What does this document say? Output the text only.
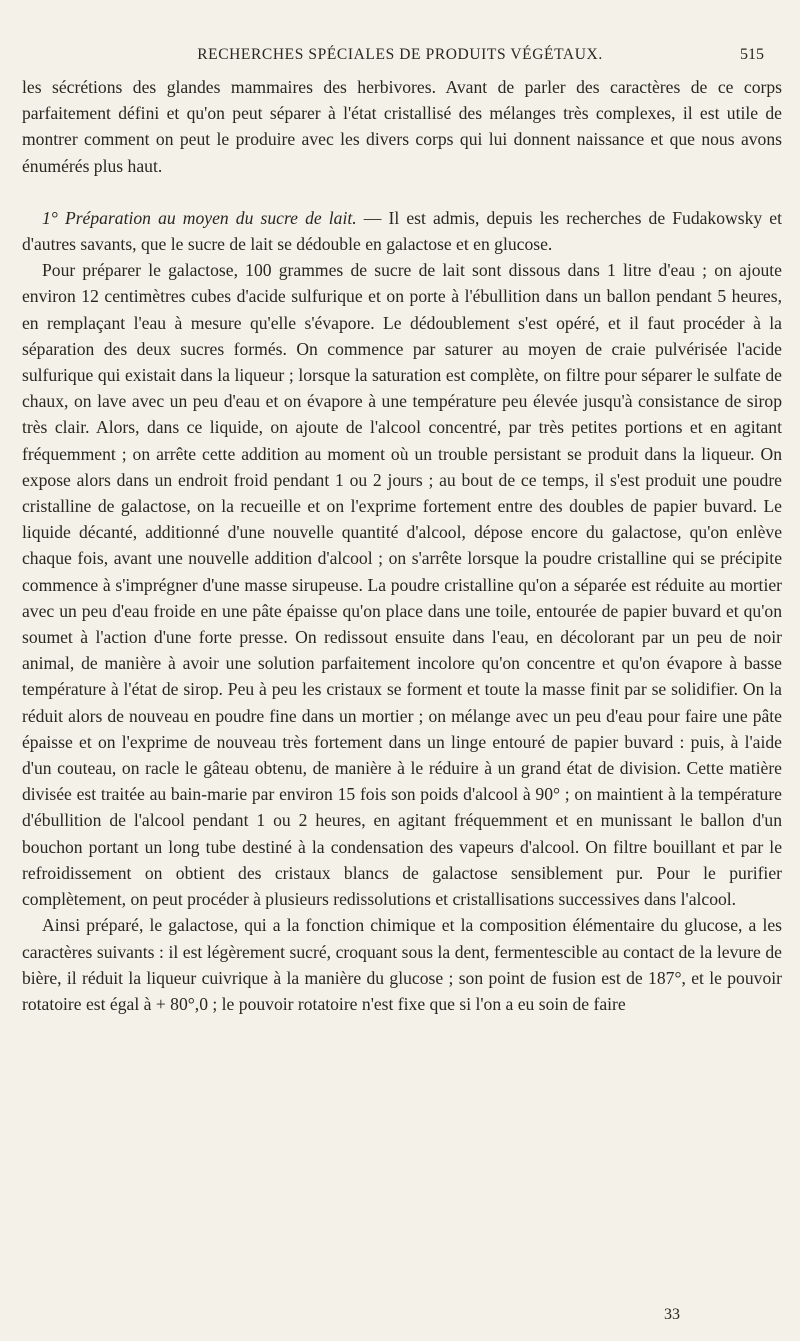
RECHERCHES SPÉCIALES DE PRODUITS VÉGÉTAUX.	515

les sécrétions des glandes mammaires des herbivores. Avant de parler des caractères de ce corps parfaitement défini et qu'on peut séparer à l'état cristallisé des mélanges très complexes, il est utile de montrer comment on peut le produire avec les divers corps qui lui donnent naissance et que nous avons énumérés plus haut.

1° Préparation au moyen du sucre de lait. — Il est admis, depuis les recherches de Fudakowsky et d'autres savants, que le sucre de lait se dédouble en galactose et en glucose.

Pour préparer le galactose, 100 grammes de sucre de lait sont dissous dans 1 litre d'eau ; on ajoute environ 12 centimètres cubes d'acide sulfurique et on porte à l'ébullition dans un ballon pendant 5 heures, en remplaçant l'eau à mesure qu'elle s'évapore. Le dédoublement s'est opéré, et il faut procéder à la séparation des deux sucres formés. On commence par saturer au moyen de craie pulvérisée l'acide sulfurique qui existait dans la liqueur ; lorsque la saturation est complète, on filtre pour séparer le sulfate de chaux, on lave avec un peu d'eau et on évapore à une température peu élevée jusqu'à consistance de sirop très clair. Alors, dans ce liquide, on ajoute de l'alcool concentré, par très petites portions et en agitant fréquemment ; on arrête cette addition au moment où un trouble persistant se produit dans la liqueur. On expose alors dans un endroit froid pendant 1 ou 2 jours ; au bout de ce temps, il s'est produit une poudre cristalline de galactose, on la recueille et on l'exprime fortement entre des doubles de papier buvard. Le liquide décanté, additionné d'une nouvelle quantité d'alcool, dépose encore du galactose, qu'on enlève chaque fois, avant une nouvelle addition d'alcool ; on s'arrête lorsque la poudre cristalline qui se précipite commence à s'imprégner d'une masse sirupeuse. La poudre cristalline qu'on a séparée est réduite au mortier avec un peu d'eau froide en une pâte épaisse qu'on place dans une toile, entourée de papier buvard et qu'on soumet à l'action d'une forte presse. On redissout ensuite dans l'eau, en décolorant par un peu de noir animal, de manière à avoir une solution parfaitement incolore qu'on concentre et qu'on évapore à basse température à l'état de sirop. Peu à peu les cristaux se forment et toute la masse finit par se solidifier. On la réduit alors de nouveau en poudre fine dans un mortier ; on mélange avec un peu d'eau pour faire une pâte épaisse et on l'exprime de nouveau très fortement dans un linge entouré de papier buvard : puis, à l'aide d'un couteau, on racle le gâteau obtenu, de manière à le réduire à un grand état de division. Cette matière divisée est traitée au bain-marie par environ 15 fois son poids d'alcool à 90° ; on maintient à la température d'ébullition de l'alcool pendant 1 ou 2 heures, en agitant fréquemment et en munissant le ballon d'un bouchon portant un long tube destiné à la condensation des vapeurs d'alcool. On filtre bouillant et par le refroidissement on obtient des cristaux blancs de galactose sensiblement pur. Pour le purifier complètement, on peut procéder à plusieurs redissolutions et cristallisations successives dans l'alcool.

Ainsi préparé, le galactose, qui a la fonction chimique et la composition élémentaire du glucose, a les caractères suivants : il est légèrement sucré, croquant sous la dent, fermentescible au contact de la levure de bière, il réduit la liqueur cuivrique à la manière du glucose ; son point de fusion est de 187°, et le pouvoir rotatoire est égal à + 80°,0 ; le pouvoir rotatoire n'est fixe que si l'on a eu soin de faire

33
